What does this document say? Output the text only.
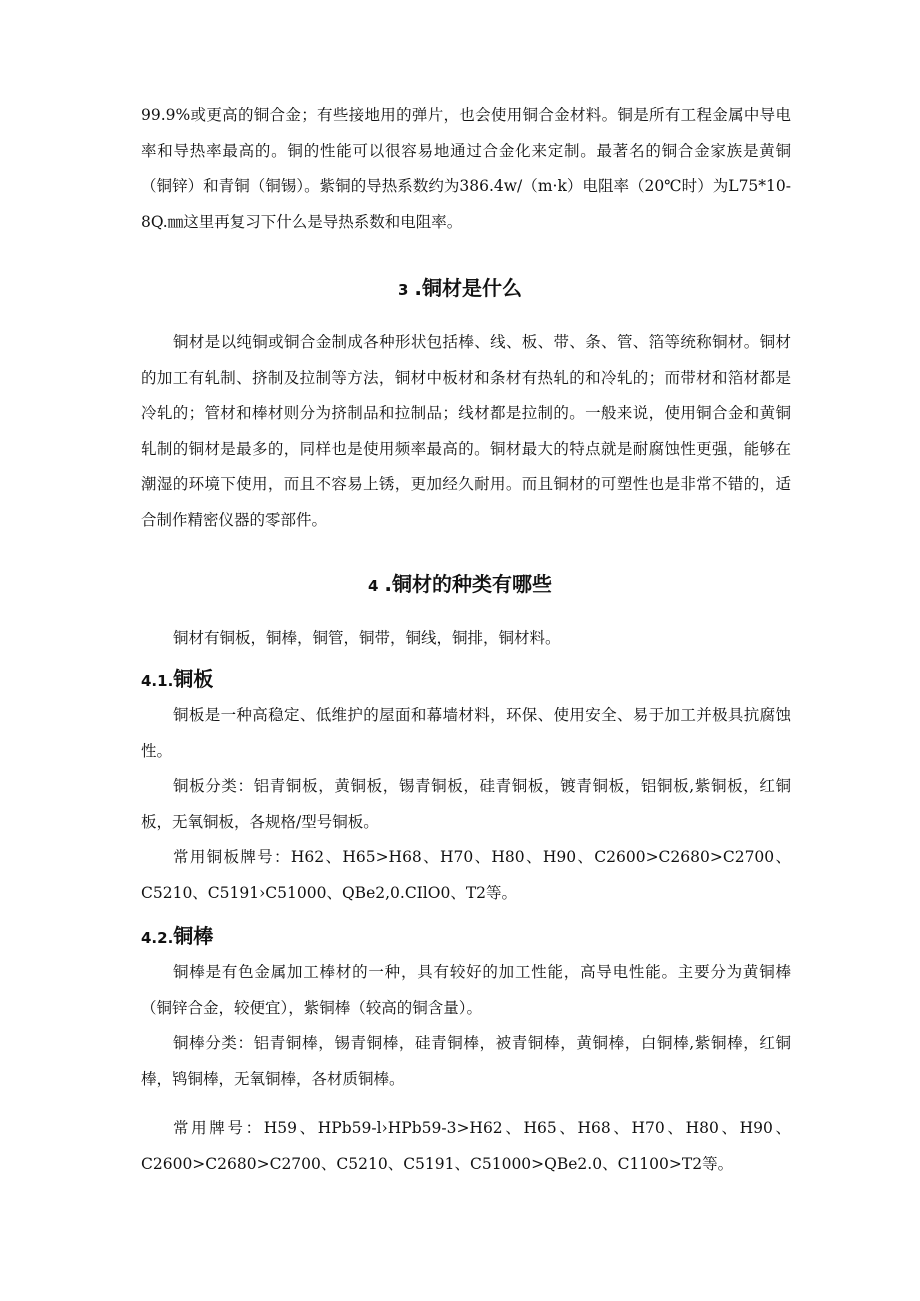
99.9%或更高的铜合金；有些接地用的弹片，也会使用铜合金材料。铜是所有工程金属中导电率和导热率最高的。铜的性能可以很容易地通过合金化来定制。最著名的铜合金家族是黄铜（铜锌）和青铜（铜锡）。紫铜的导热系数约为386.4w/（m·k）电阻率（20℃时）为L75*10-8Q.㎜这里再复习下什么是导热系数和电阻率。

3 .铜材是什么

铜材是以纯铜或铜合金制成各种形状包括棒、线、板、带、条、管、箔等统称铜材。铜材的加工有轧制、挤制及拉制等方法，铜材中板材和条材有热轧的和冷轧的；而带材和箔材都是冷轧的；管材和棒材则分为挤制品和拉制品；线材都是拉制的。一般来说，使用铜合金和黄铜轧制的铜材是最多的，同样也是使用频率最高的。铜材最大的特点就是耐腐蚀性更强，能够在潮湿的环境下使用，而且不容易上锈，更加经久耐用。而且铜材的可塑性也是非常不错的，适合制作精密仪器的零部件。

4 .铜材的种类有哪些

铜材有铜板，铜棒，铜管，铜带，铜线，铜排，铜材料。

4.1.铜板

铜板是一种高稳定、低维护的屋面和幕墙材料，环保、使用安全、易于加工并极具抗腐蚀性。

铜板分类：铝青铜板，黄铜板，锡青铜板，硅青铜板，镀青铜板，铝铜板,紫铜板，红铜板，无氧铜板，各规格/型号铜板。

常用铜板牌号：H62、H65>H68、H70、H80、H90、C2600>C2680>C2700、C5210、C5191›C51000、QBe2,0.CIlO0、T2等。

4.2.铜棒

铜棒是有色金属加工棒材的一种，具有较好的加工性能，高导电性能。主要分为黄铜棒（铜锌合金，较便宜），紫铜棒（较高的铜含量）。

铜棒分类：铝青铜棒，锡青铜棒，硅青铜棒，被青铜棒，黄铜棒，白铜棒,紫铜棒，红铜棒，鸨铜棒，无氧铜棒，各材质铜棒。

常用牌号：H59、HPb59-l›HPb59-3>H62、H65、H68、H70、H80、H90、C2600>C2680>C2700、C5210、C5191、C51000>QBe2.0、C1100>T2等。
